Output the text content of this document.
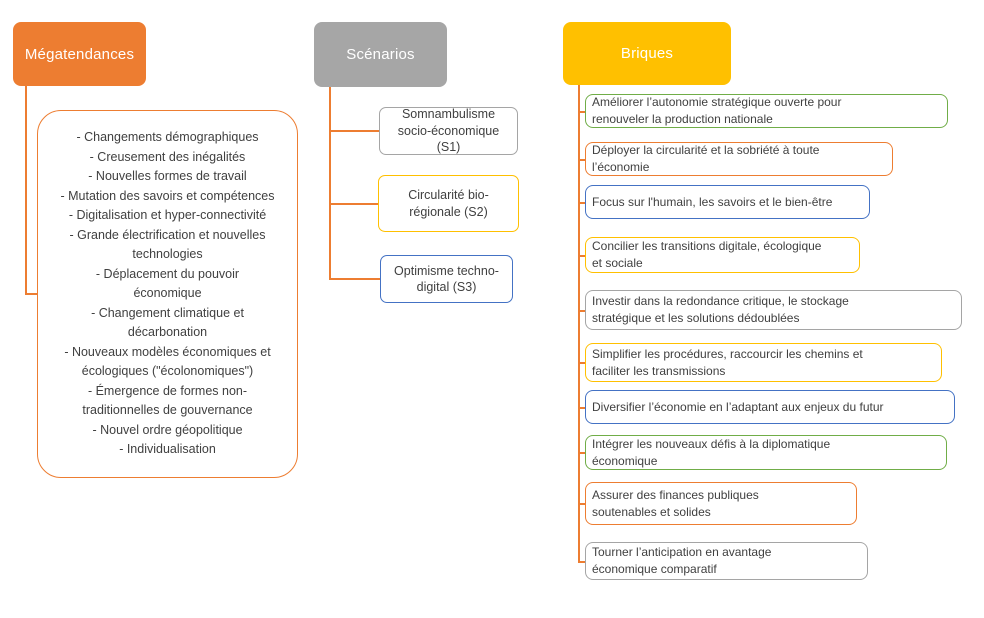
Mégatendances
- Changements démographiques
- Creusement des inégalités
- Nouvelles formes de travail
- Mutation des savoirs et compétences
- Digitalisation et hyper-connectivité
- Grande électrification et nouvelles
technologies
- Déplacement du pouvoir
économique
- Changement climatique et
décarbonation
- Nouveaux modèles économiques et
écologiques ("écolonomiques")
- Émergence de formes non-
traditionnelles de gouvernance
- Nouvel ordre géopolitique
- Individualisation
Scénarios
Somnambulisme
socio-économique
(S1)
Circularité bio-
régionale (S2)
Optimisme techno-
digital (S3)
Briques
Améliorer l’autonomie stratégique ouverte pour
renouveler la production nationale
Déployer la circularité et la sobriété à toute
l’économie
Focus sur l'humain, les savoirs et le bien-être
Concilier les transitions digitale, écologique
et sociale
Investir dans la redondance critique, le stockage
stratégique et les solutions dédoublées
Simplifier les procédures, raccourcir les chemins et
faciliter les transmissions
Diversifier l’économie en l’adaptant aux enjeux du futur
Intégrer les nouveaux défis à la diplomatique
économique
Assurer des finances publiques
soutenables et solides
Tourner l’anticipation en avantage
économique comparatif
